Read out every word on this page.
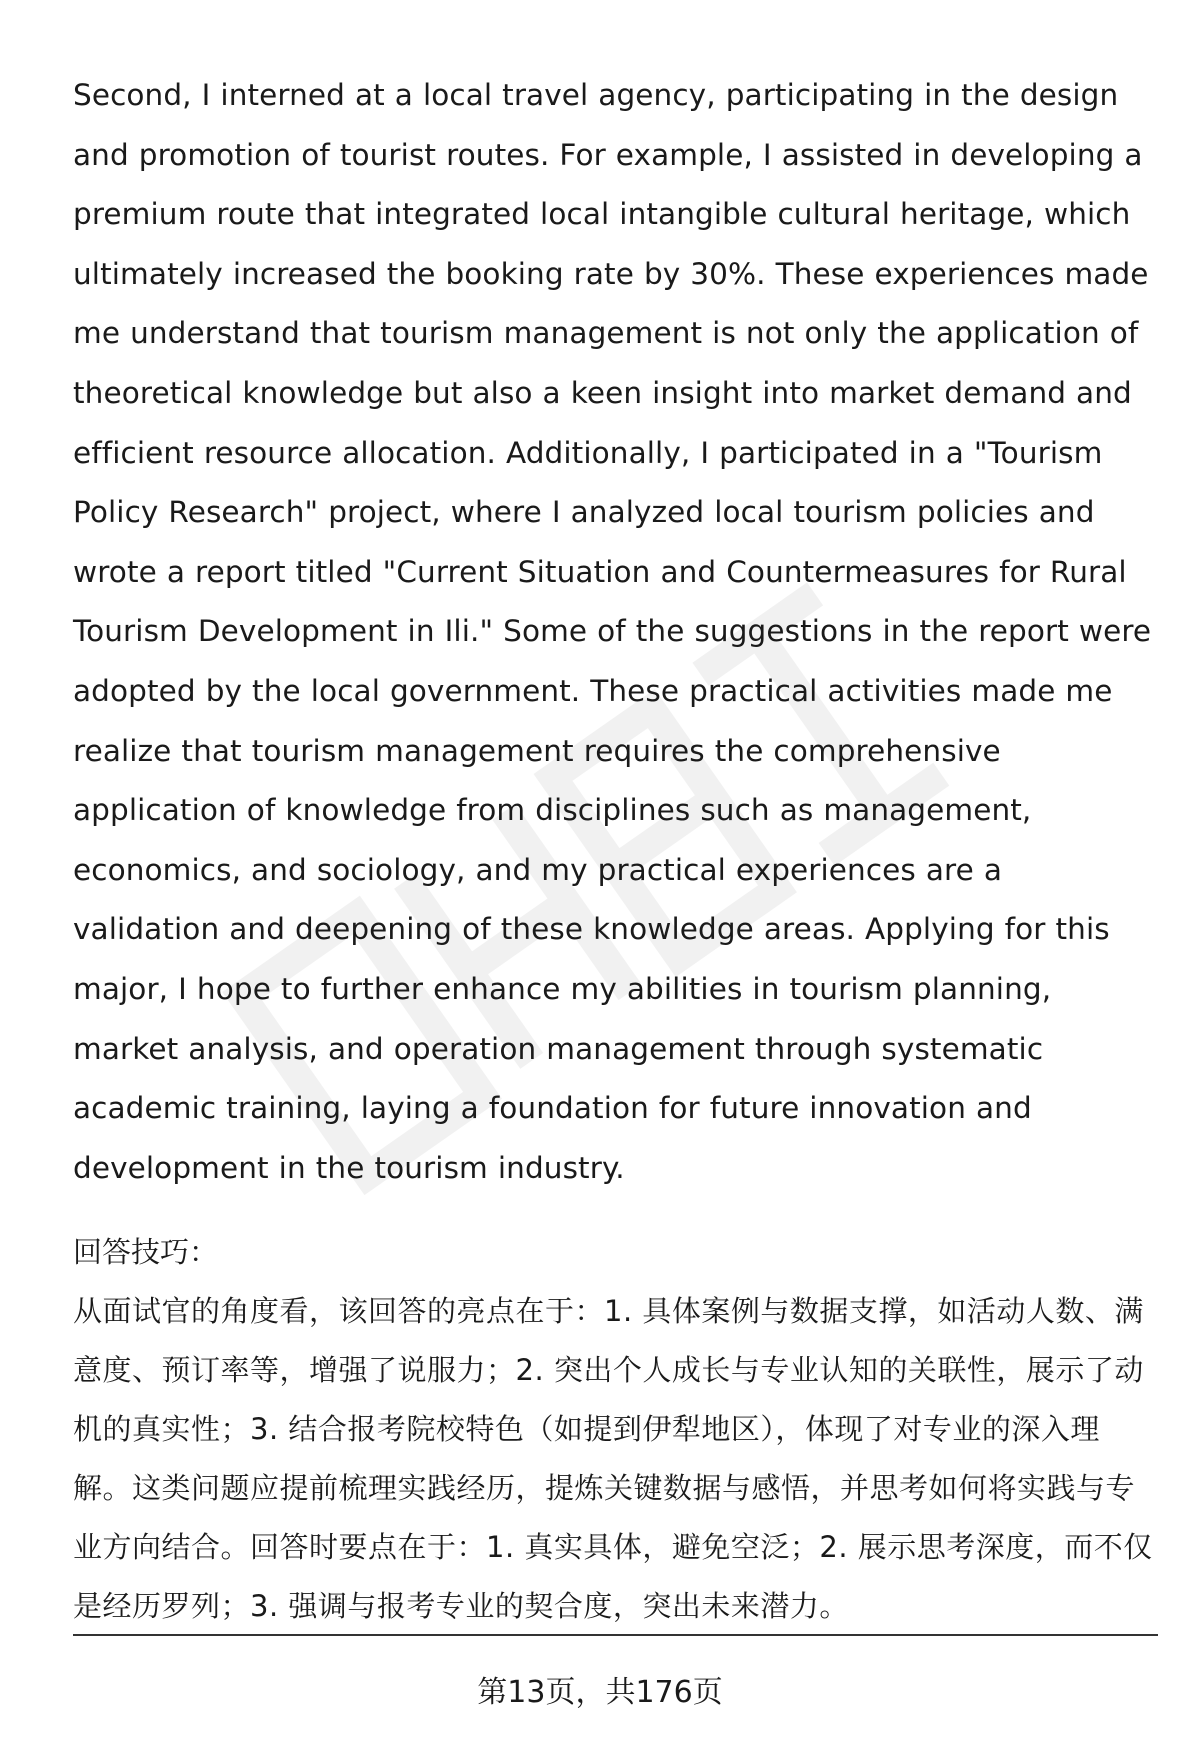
Second, I interned at a local travel agency, participating in the design and promotion of tourist routes. For example, I assisted in developing a premium route that integrated local intangible cultural heritage, which ultimately increased the booking rate by 30%. These experiences made me understand that tourism management is not only the application of theoretical knowledge but also a keen insight into market demand and efficient resource allocation. Additionally, I participated in a "Tourism Policy Research" project, where I analyzed local tourism policies and wrote a report titled "Current Situation and Countermeasures for Rural Tourism Development in Ili." Some of the suggestions in the report were adopted by the local government. These practical activities made me realize that tourism management requires the comprehensive application of knowledge from disciplines such as management, economics, and sociology, and my practical experiences are a validation and deepening of these knowledge areas. Applying for this major, I hope to further enhance my abilities in tourism planning, market analysis, and operation management through systematic academic training, laying a foundation for future innovation and development in the tourism industry.

回答技巧：

从面试官的角度看，该回答的亮点在于：1. 具体案例与数据支撑，如活动人数、满意度、预订率等，增强了说服力；2. 突出个人成长与专业认知的关联性，展示了动机的真实性；3. 结合报考院校特色（如提到伊犁地区），体现了对专业的深入理解。这类问题应提前梳理实践经历，提炼关键数据与感悟，并思考如何将实践与专业方向结合。回答时要点在于：1. 真实具体，避免空泛；2. 展示思考深度，而不仅是经历罗列；3. 强调与报考专业的契合度，突出未来潜力。

第13页，共176页
